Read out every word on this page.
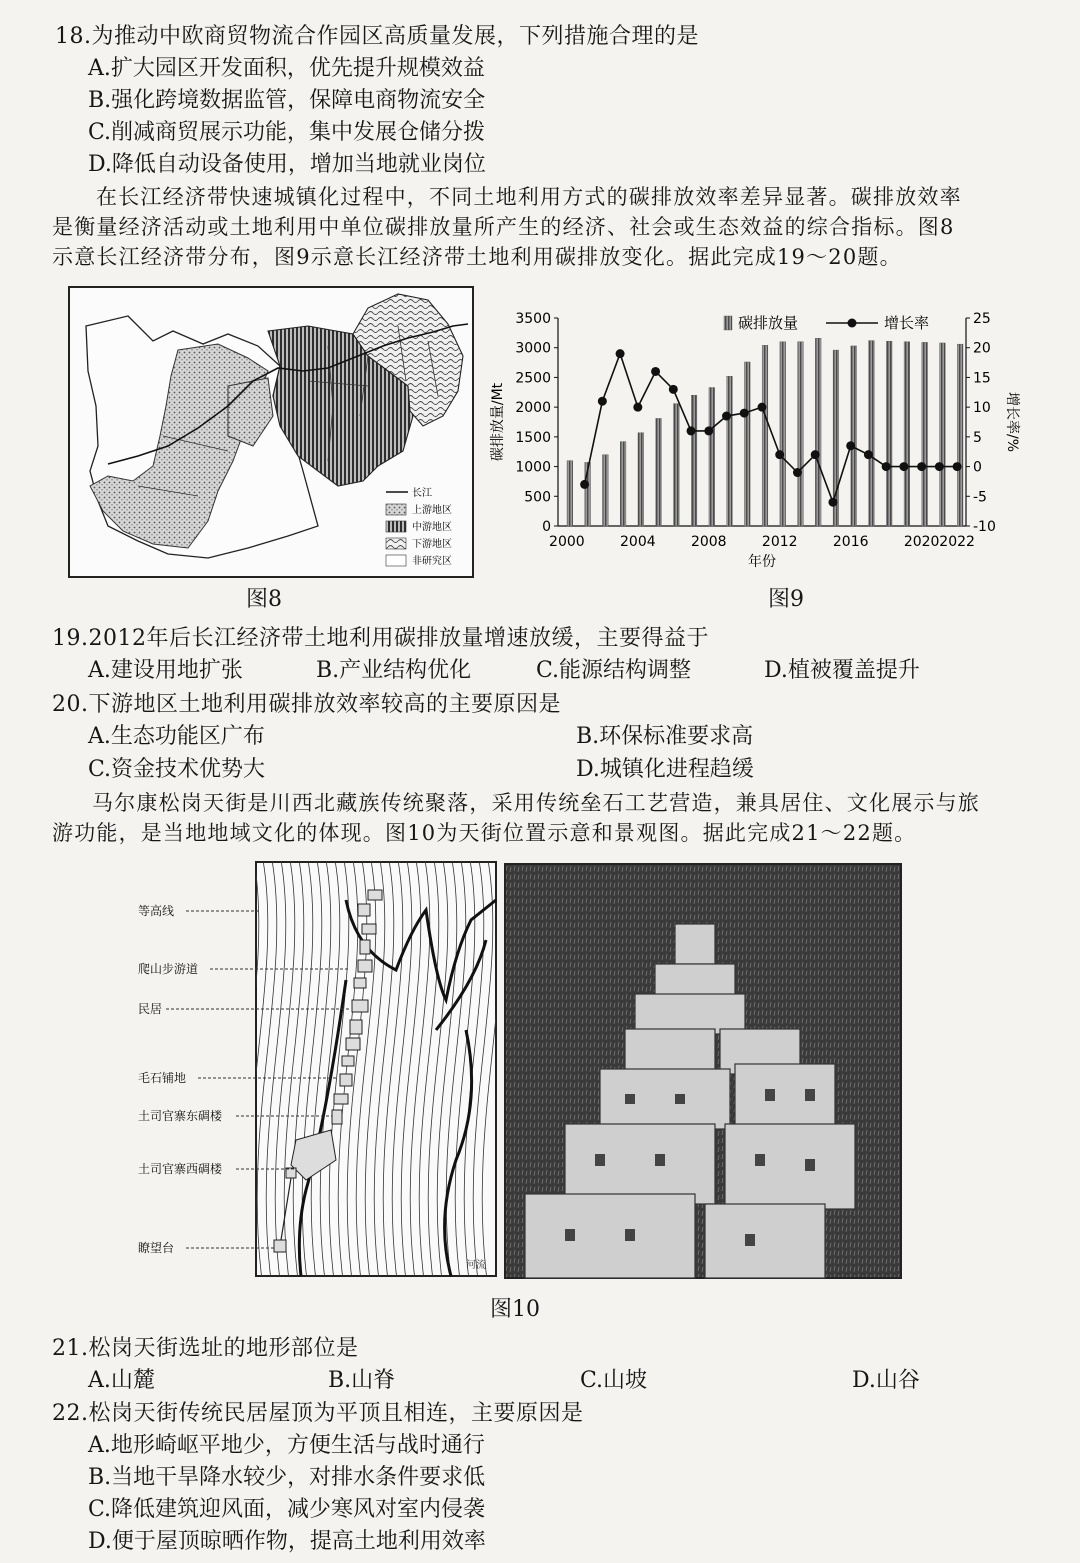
18.为推动中欧商贸物流合作园区高质量发展，下列措施合理的是
A.扩大园区开发面积，优先提升规模效益
B.强化跨境数据监管，保障电商物流安全
C.削减商贸展示功能，集中发展仓储分拨
D.降低自动设备使用，增加当地就业岗位
在长江经济带快速城镇化过程中，不同土地利用方式的碳排放效率差异显著。碳排放效率
是衡量经济活动或土地利用中单位碳排放量所产生的经济、社会或生态效益的综合指标。图8
示意长江经济带分布，图9示意长江经济带土地利用碳排放变化。据此完成19～20题。
长江
上游地区
中游地区
下游地区
非研究区
图8
0
500
1000
1500
2000
2500
3000
3500
-10
-5
0
5
10
15
20
25
2000	2004	2008	2012	2016	2020 2022
年份
碳排放量/Mt	增长率/%
碳排放量	增长率
图9
19.2012年后长江经济带土地利用碳排放量增速放缓，主要得益于
A.建设用地扩张	B.产业结构优化	C.能源结构调整	D.植被覆盖提升
20.下游地区土地利用碳排放效率较高的主要原因是
A.生态功能区广布	B.环保标准要求高
C.资金技术优势大	D.城镇化进程趋缓
马尔康松岗天街是川西北藏族传统聚落，采用传统垒石工艺营造，兼具居住、文化展示与旅
游功能，是当地地域文化的体现。图10为天街位置示意和景观图。据此完成21～22题。
河流
等高线
爬山步游道
民居
毛石铺地
土司官寨东碉楼
土司官寨西碉楼
瞭望台
图10
21.松岗天街选址的地形部位是
A.山麓	B.山脊	C.山坡	D.山谷
22.松岗天街传统民居屋顶为平顶且相连，主要原因是
A.地形崎岖平地少，方便生活与战时通行
B.当地干旱降水较少，对排水条件要求低
C.降低建筑迎风面，减少寒风对室内侵袭
D.便于屋顶晾晒作物，提高土地利用效率
